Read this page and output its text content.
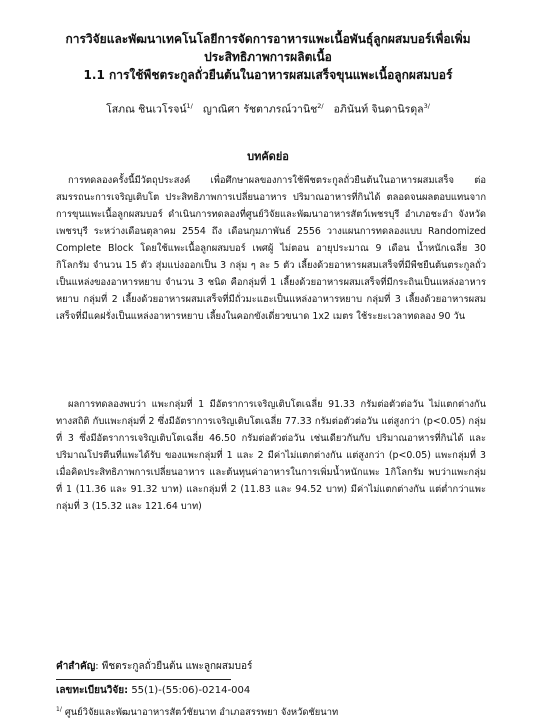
การวิจัยและพัฒนาเทคโนโลยีการจัดการอาหารแพะเนื้อพันธุ์ลูกผสมบอร์เพื่อเพิ่ม
ประสิทธิภาพการผลิตเนื้อ
1.1 การใช้พืชตระกูลถั่วยืนต้นในอาหารผสมเสร็จขุนแพะเนื้อลูกผสมบอร์
โสภณ ชินเวโรจน์$^{1/}$ ญาณิศา รัชตาภรณ์วานิช$^{2/}$ อภินันท์ จินดานิรดุล$^{3/}$
บทคัดย่อ

การทดลองครั้งนี้มีวัตถุประสงค์ เพื่อศึกษาผลของการใช้พืชตระกูลถั่วยืนต้นในอาหารผสมเสร็จ ต่อสมรรถนะการเจริญเติบโต ประสิทธิภาพการเปลี่ยนอาหาร ปริมาณอาหารที่กินได้ ตลอดจนผลตอบแทนจากการขุนแพะเนื้อลูกผสมบอร์ ดำเนินการทดลองที่ศูนย์วิจัยและพัฒนาอาหารสัตว์เพชรบุรี อำเภอชะอำ จังหวัดเพชรบุรี ระหว่างเดือนตุลาคม 2554 ถึง เดือนกุมภาพันธ์ 2556 วางแผนการทดลองแบบ Randomized Complete Block โดยใช้แพะเนื้อลูกผสมบอร์ เพศผู้ ไม่ตอน อายุประมาณ 9 เดือน น้ำหนักเฉลี่ย 30 กิโลกรัม จำนวน 15 ตัว สุ่มแบ่งออกเป็น 3 กลุ่ม ๆ ละ 5 ตัว เลี้ยงด้วยอาหารผสมเสร็จที่มีพืชยืนต้นตระกูลถั่ว เป็นแหล่งของอาหารหยาบ จำนวน 3 ชนิด คือกลุ่มที่ 1 เลี้ยงด้วยอาหารผสมเสร็จที่มีกระถินเป็นแหล่งอาหารหยาบ กลุ่มที่ 2 เลี้ยงด้วยอาหารผสมเสร็จที่มีถั่วมะแฮะเป็นแหล่งอาหารหยาบ กลุ่มที่ 3 เลี้ยงด้วยอาหารผสมเสร็จที่มีแคฝรั่งเป็นแหล่งอาหารหยาบ เลี้ยงในคอกขังเดี่ยวขนาด 1x2 เมตร ใช้ระยะเวลาทดลอง 90 วัน

ผลการทดลองพบว่า แพะกลุ่มที่ 1 มีอัตราการเจริญเติบโตเฉลี่ย 91.33 กรัมต่อตัวต่อวัน ไม่แตกต่างกันทางสถิติ กับแพะกลุ่มที่ 2 ซึ่งมีอัตราการเจริญเติบโตเฉลี่ย 77.33 กรัมต่อตัวต่อวัน แต่สูงกว่า (p<0.05) กลุ่มที่ 3 ซึ่งมีอัตราการเจริญเติบโตเฉลี่ย 46.50 กรัมต่อตัวต่อวัน เช่นเดียวกันกับ ปริมาณอาหารที่กินได้ และปริมาณโปรตีนที่แพะได้รับ ของแพะกลุ่มที่ 1 และ 2 มีค่าไม่แตกต่างกัน แต่สูงกว่า (p<0.05) แพะกลุ่มที่ 3 เมื่อคิดประสิทธิภาพการเปลี่ยนอาหาร และต้นทุนค่าอาหารในการเพิ่มน้ำหนักแพะ 1กิโลกรัม พบว่าแพะกลุ่มที่ 1 (11.36 และ 91.32 บาท) และกลุ่มที่ 2 (11.83 และ 94.52 บาท) มีค่าไม่แตกต่างกัน แต่ต่ำกว่าแพะกลุ่มที่ 3 (15.32 และ 121.64 บาท)

คำสำคัญ: พืชตระกูลถั่วยืนต้น แพะลูกผสมบอร์
เลขทะเบียนวิจัย: 55(1)-(55:06)-0214-004
$^{1/}$ ศูนย์วิจัยและพัฒนาอาหารสัตว์ชัยนาท อำเภอสรรพยา จังหวัดชัยนาท
